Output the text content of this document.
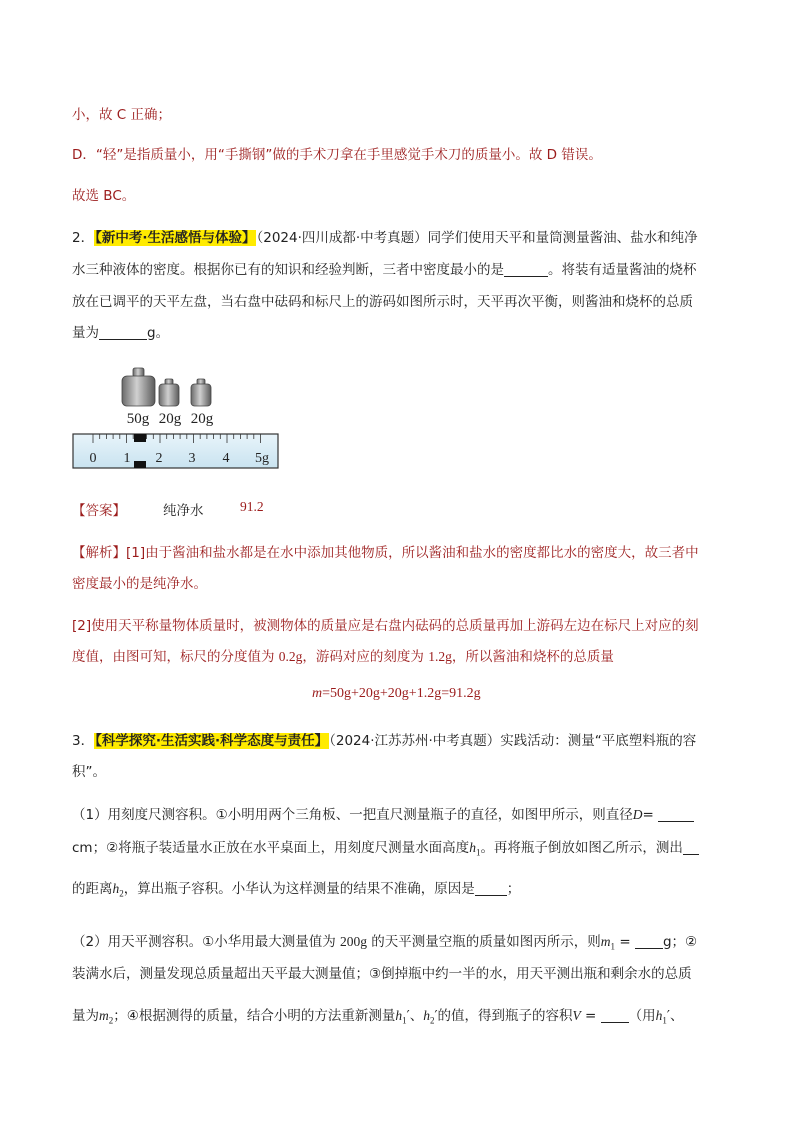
小，故 C 正确；
D．“轻”是指质量小，用“手撕钢”做的手术刀拿在手里感觉手术刀的质量小。故 D 错误。
故选 BC。
2．【新中考·生活感悟与体验】（2024·四川成都·中考真题）同学们使用天平和量筒测量酱油、盐水和纯净
水三种液体的密度。根据你已有的知识和经验判断，三者中密度最小的是	。将装有适量酱油的烧杯
放在已调平的天平左盘，当右盘中砝码和标尺上的游码如图所示时，天平再次平衡，则酱油和烧杯的总质
量为	g。
50g 20g 20g
0 1 2 3 4 5g
【答案】	纯净水	91.2
【解析】[1]由于酱油和盐水都是在水中添加其他物质，所以酱油和盐水的密度都比水的密度大，故三者中
密度最小的是纯净水。
[2]使用天平称量物体质量时，被测物体的质量应是右盘内砝码的总质量再加上游码左边在标尺上对应的刻
度值，由图可知，标尺的分度值为 0.2g，游码对应的刻度为 1.2g，所以酱油和烧杯的总质量
m=50g+20g+20g+1.2g=91.2g
3．【科学探究·生活实践·科学态度与责任】（2024·江苏苏州·中考真题）实践活动：测量“平底塑料瓶的容
积”。
（1）用刻度尺测容积。①小明用两个三角板、一把直尺测量瓶子的直径，如图甲所示，则直径D=
cm；②将瓶子装适量水正放在水平桌面上，用刻度尺测量水面高度$h_1$。再将瓶子倒放如图乙所示，测出
的距离$h_2$，算出瓶子容积。小华认为这样测量的结果不准确，原因是 ；
（2）用天平测容积。①小华用最大测量值为 200g 的天平测量空瓶的质量如图丙所示，则$m_1 = g$；②
装满水后，测量发现总质量超出天平最大测量值；③倒掉瓶中约一半的水，用天平测出瓶和剩余水的总质
量为$m_2$；④根据测得的质量，结合小明的方法重新测量$h_1'$、$h_2'$的值，得到瓶子的容积V = （用$h_1'$、
